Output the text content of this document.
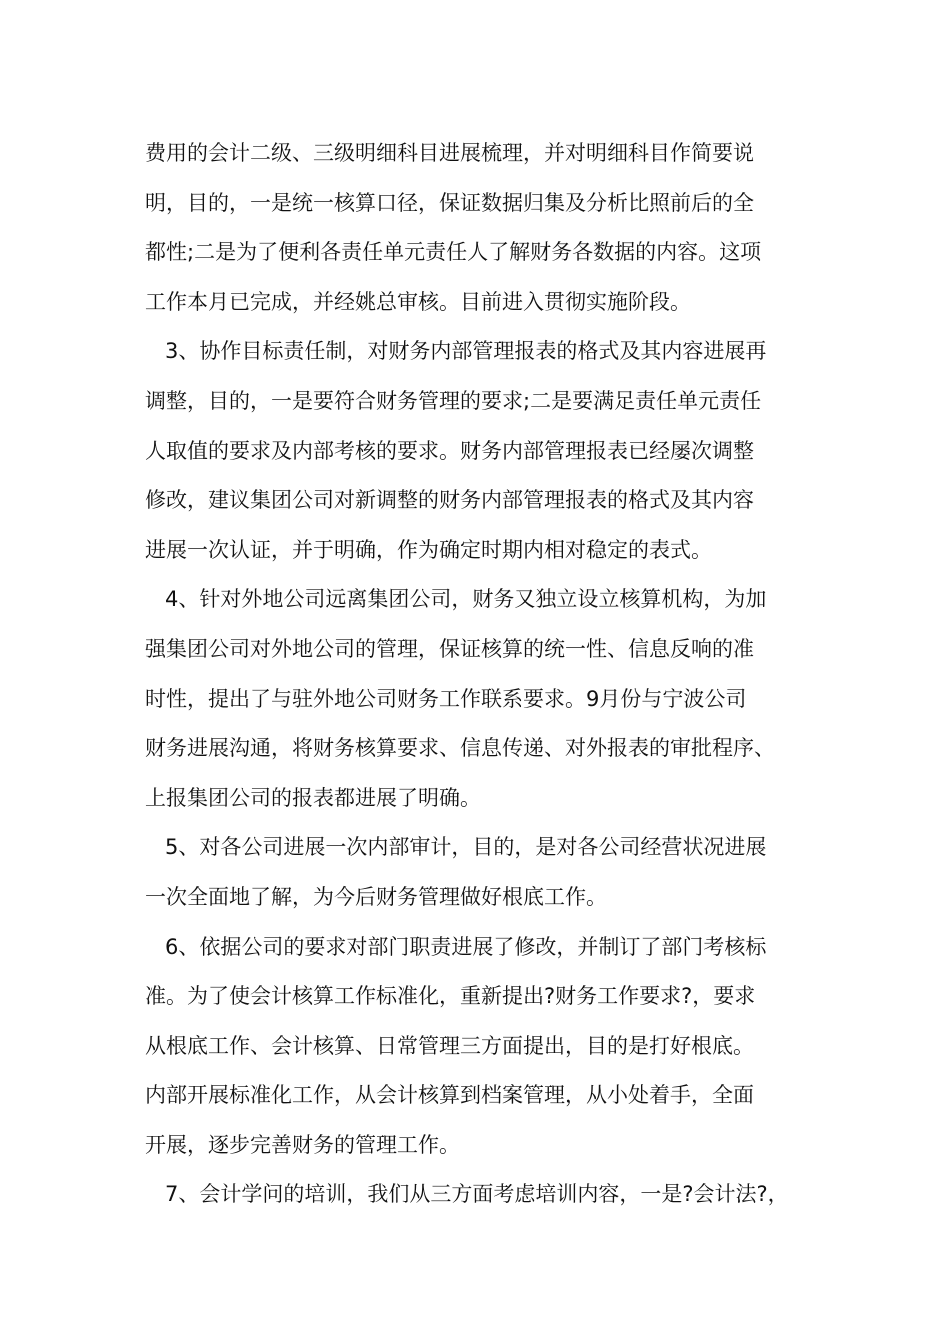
费用的会计二级、三级明细科目进展梳理，并对明细科目作简要说
明，目的，一是统一核算口径，保证数据归集及分析比照前后的全
都性;二是为了便利各责任单元责任人了解财务各数据的内容。这项
工作本月已完成，并经姚总审核。目前进入贯彻实施阶段。
3、协作目标责任制，对财务内部管理报表的格式及其内容进展再
调整，目的，一是要符合财务管理的要求;二是要满足责任单元责任
人取值的要求及内部考核的要求。财务内部管理报表已经屡次调整
修改，建议集团公司对新调整的财务内部管理报表的格式及其内容
进展一次认证，并于明确，作为确定时期内相对稳定的表式。
4、针对外地公司远离集团公司，财务又独立设立核算机构，为加
强集团公司对外地公司的管理，保证核算的统一性、信息反响的准
时性，提出了与驻外地公司财务工作联系要求。9月份与宁波公司
财务进展沟通，将财务核算要求、信息传递、对外报表的审批程序、
上报集团公司的报表都进展了明确。
5、对各公司进展一次内部审计，目的，是对各公司经营状况进展
一次全面地了解，为今后财务管理做好根底工作。
6、依据公司的要求对部门职责进展了修改，并制订了部门考核标
准。为了使会计核算工作标准化，重新提出?财务工作要求?，要求
从根底工作、会计核算、日常管理三方面提出，目的是打好根底。
内部开展标准化工作，从会计核算到档案管理，从小处着手，全面
开展，逐步完善财务的管理工作。
7、会计学问的培训，我们从三方面考虑培训内容，一是?会计法?，
